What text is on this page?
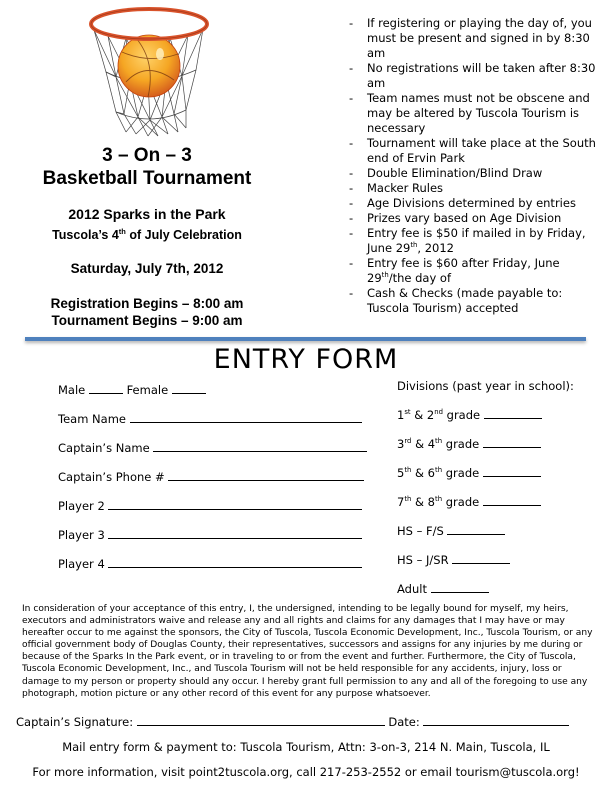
3 – On – 3
Basketball Tournament
2012 Sparks in the Park
Tuscola’s 4th of July Celebration
Saturday, July 7th, 2012
Registration Begins – 8:00 am
Tournament Begins – 9:00 am
- If registering or playing the day of, you must be present and signed in by 8:30 am
- No registrations will be taken after 8:30 am
- Team names must not be obscene and may be altered by Tuscola Tourism is necessary
- Tournament will take place at the South end of Ervin Park
- Double Elimination/Blind Draw
- Macker Rules
- Age Divisions determined by entries
- Prizes vary based on Age Division
- Entry fee is $50 if mailed in by Friday, June 29th, 2012
- Entry fee is $60 after Friday, June 29th/the day of
- Cash & Checks (made payable to: Tuscola Tourism) accepted
ENTRY FORM
Male	Female
Team Name
Captain’s Name
Captain’s Phone #
Player 2
Player 3
Player 4
Divisions (past year in school):
1st & 2nd grade
3rd & 4th grade
5th & 6th grade
7th & 8th grade
HS – F/S
HS – J/SR
Adult
In consideration of your acceptance of this entry, I, the undersigned, intending to be legally bound for myself, my heirs, executors and administrators waive and release any and all rights and claims for any damages that I may have or may hereafter occur to me against the sponsors, the City of Tuscola, Tuscola Economic Development, Inc., Tuscola Tourism, or any official government body of Douglas County, their representatives, successors and assigns for any injuries by me during or because of the Sparks In the Park event, or in traveling to or from the event and further. Furthermore, the City of Tuscola, Tuscola Economic Development, Inc., and Tuscola Tourism will not be held responsible for any accidents, injury, loss or damage to my person or property should any occur. I hereby grant full permission to any and all of the foregoing to use any photograph, motion picture or any other record of this event for any purpose whatsoever.
Captain’s Signature:	Date:
Mail entry form & payment to: Tuscola Tourism, Attn: 3-on-3, 214 N. Main, Tuscola, IL
For more information, visit point2tuscola.org, call 217-253-2552 or email tourism@tuscola.org!
